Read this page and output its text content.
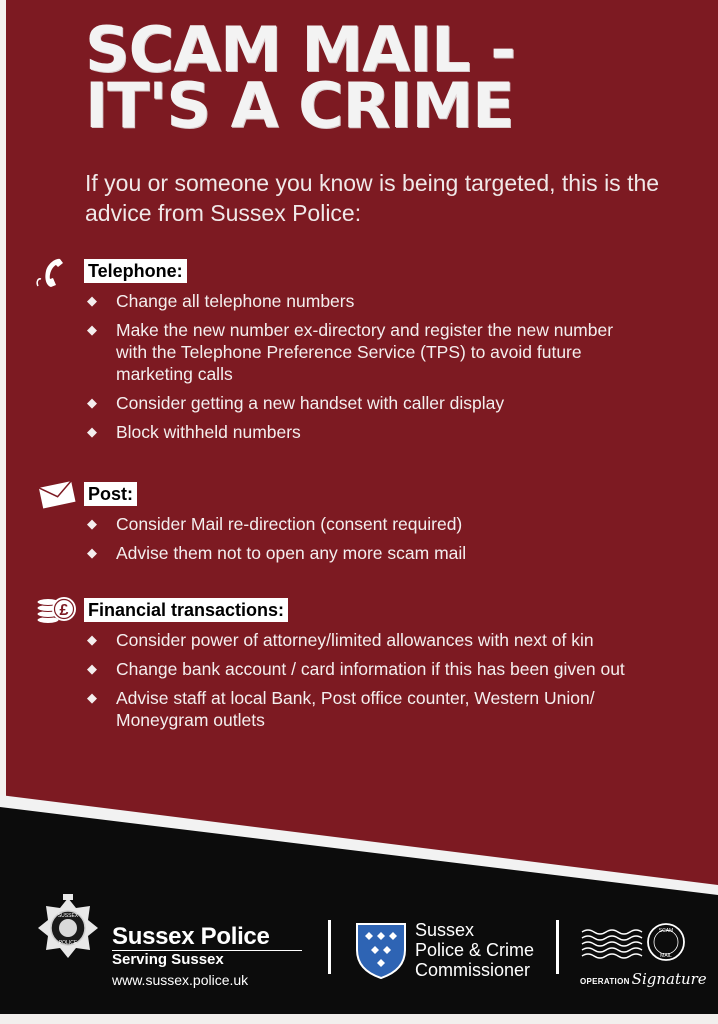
SCAM MAIL -
IT'S A CRIME

If you or someone you know is being targeted, this is the advice from Sussex Police:

Telephone:
◆ Change all telephone numbers
◆ Make the new number ex-directory and register the new number with the Telephone Preference Service (TPS) to avoid future marketing calls
◆ Consider getting a new handset with caller display
◆ Block withheld numbers
Post:
◆ Consider Mail re-direction (consent required)
◆ Advise them not to open any more scam mail
£ Financial transactions:
◆ Consider power of attorney/limited allowances with next of kin
◆ Change bank account / card information if this has been given out
◆ Advise staff at local Bank, Post office counter, Western Union/ Moneygram outlets
SUSSEX
POLICE Sussex Police
Serving Sussex
www.sussex.police.uk
Sussex
Police & Crime
Commissioner
SCAM
MAIL
OPERATION Signature
